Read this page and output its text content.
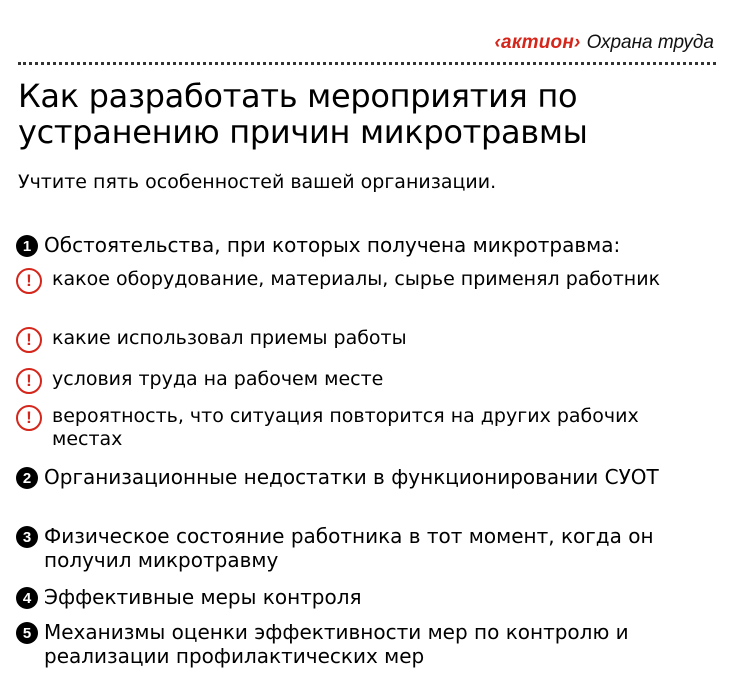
‹актион› Охрана труда
Как разработать мероприятия по устранению причин микротравмы

Учтите пять особенностей вашей организации.

1 Обстоятельства, при которых получена микротравма:
!	какое оборудование, материалы, сырье применял работник
!	какие использовал приемы работы
!	условия труда на рабочем месте
!	вероятность, что ситуация повторится на других рабочих местах
2 Организационные недостатки в функционировании СУОТ
3 Физическое состояние работника в тот момент, когда он получил микротравму
4 Эффективные меры контроля
5 Механизмы оценки эффективности мер по контролю и реализации профилактических мер
